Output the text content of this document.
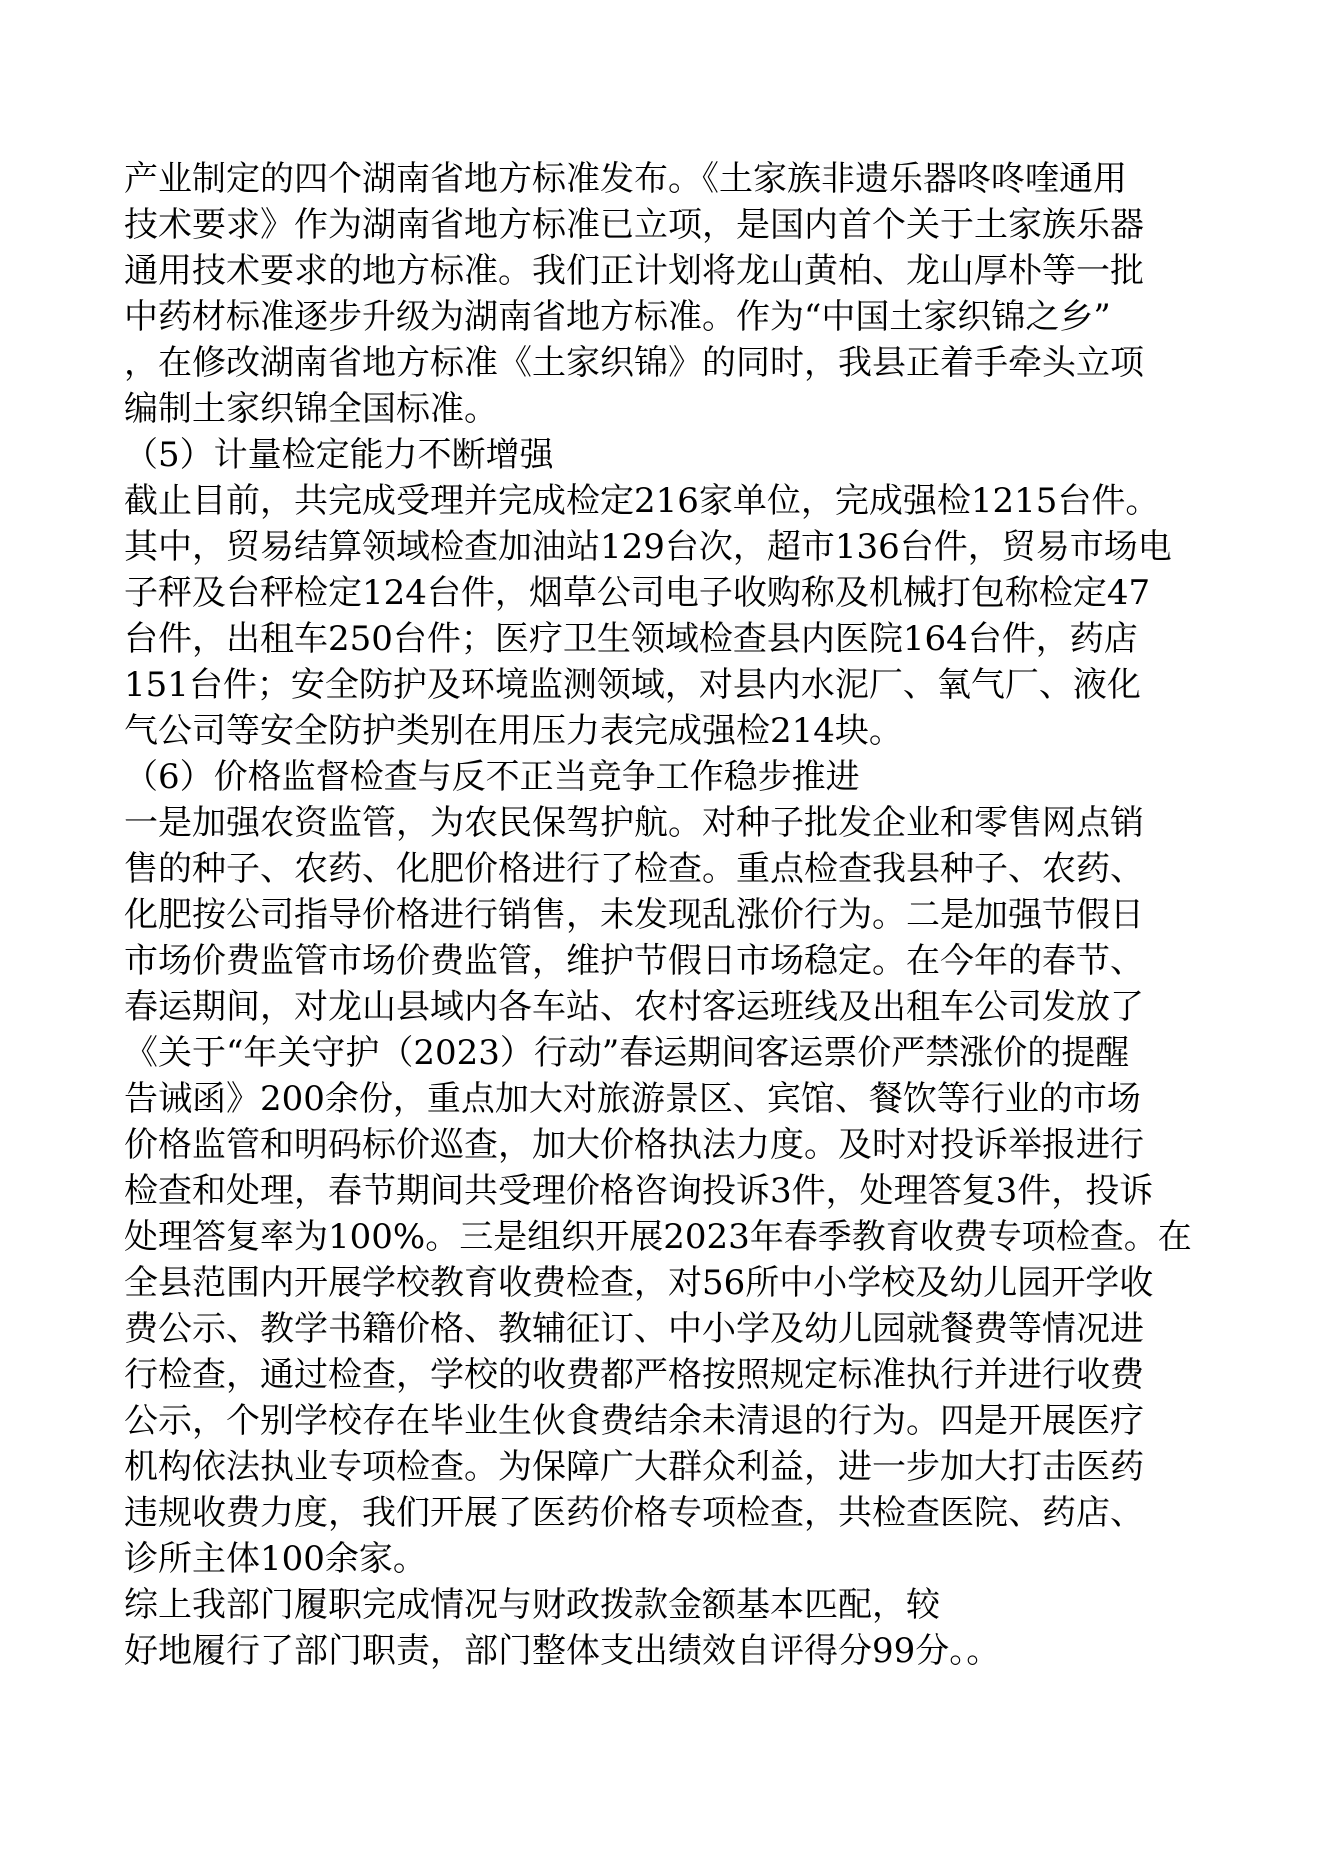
产业制定的四个湖南省地方标准发布。《土家族非遗乐器咚咚喹通用
技术要求》作为湖南省地方标准已立项，是国内首个关于土家族乐器
通用技术要求的地方标准。我们正计划将龙山黄柏、龙山厚朴等一批
中药材标准逐步升级为湖南省地方标准。作为“中国土家织锦之乡”
，在修改湖南省地方标准《土家织锦》的同时，我县正着手牵头立项
编制土家织锦全国标准。
（5）计量检定能力不断增强
截止目前，共完成受理并完成检定216家单位，完成强检1215台件。
其中，贸易结算领域检查加油站129台次，超市136台件，贸易市场电
子秤及台秤检定124台件，烟草公司电子收购称及机械打包称检定47
台件，出租车250台件；医疗卫生领域检查县内医院164台件，药店
151台件；安全防护及环境监测领域，对县内水泥厂、氧气厂、液化
气公司等安全防护类别在用压力表完成强检214块。
（6）价格监督检查与反不正当竞争工作稳步推进
一是加强农资监管，为农民保驾护航。对种子批发企业和零售网点销
售的种子、农药、化肥价格进行了检查。重点检查我县种子、农药、
化肥按公司指导价格进行销售，未发现乱涨价行为。二是加强节假日
市场价费监管市场价费监管，维护节假日市场稳定。在今年的春节、
春运期间，对龙山县域内各车站、农村客运班线及出租车公司发放了
《关于“年关守护（2023）行动”春运期间客运票价严禁涨价的提醒
告诫函》200余份，重点加大对旅游景区、宾馆、餐饮等行业的市场
价格监管和明码标价巡查，加大价格执法力度。及时对投诉举报进行
检查和处理，春节期间共受理价格咨询投诉3件，处理答复3件，投诉
处理答复率为100%。三是组织开展2023年春季教育收费专项检查。在
全县范围内开展学校教育收费检查，对56所中小学校及幼儿园开学收
费公示、教学书籍价格、教辅征订、中小学及幼儿园就餐费等情况进
行检查，通过检查，学校的收费都严格按照规定标准执行并进行收费
公示，个别学校存在毕业生伙食费结余未清退的行为。四是开展医疗
机构依法执业专项检查。为保障广大群众利益，进一步加大打击医药
违规收费力度，我们开展了医药价格专项检查，共检查医院、药店、
诊所主体100余家。
综上我部门履职完成情况与财政拨款金额基本匹配，较
好地履行了部门职责，部门整体支出绩效自评得分99分。。
